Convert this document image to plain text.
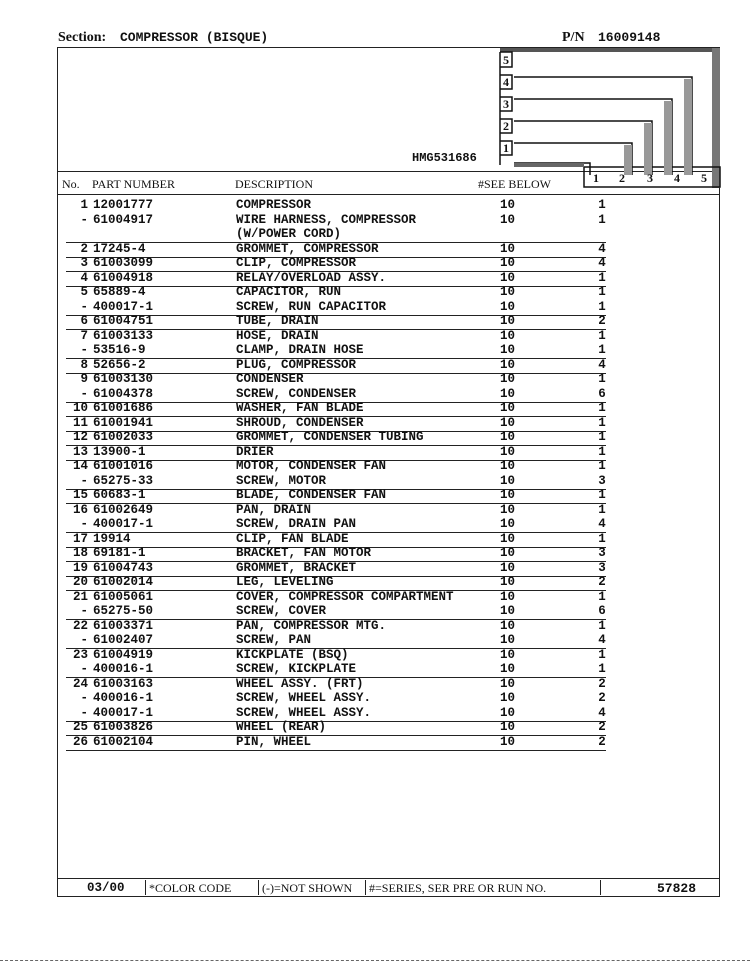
Section: COMPRESSOR (BISQUE)	P/N 16009148
HMG531686
5
4
3
2
1
1 2 3 4 5
No. PART NUMBER	DESCRIPTION	#SEE BELOW
1 12001777	COMPRESSOR	10	1
- 61004917	WIRE HARNESS, COMPRESSOR	10	1
(W/POWER CORD)
2 17245-4	GROMMET, COMPRESSOR	10	4
3 61003099	CLIP, COMPRESSOR	10	4
4 61004918	RELAY/OVERLOAD ASSY.	10	1
5 65889-4	CAPACITOR, RUN	10	1
- 400017-1	SCREW, RUN CAPACITOR	10	1
6 61004751	TUBE, DRAIN	10	2
7 61003133	HOSE, DRAIN	10	1
- 53516-9	CLAMP, DRAIN HOSE	10	1
8 52656-2	PLUG, COMPRESSOR	10	4
9 61003130	CONDENSER	10	1
- 61004378	SCREW, CONDENSER	10	6
10 61001686	WASHER, FAN BLADE	10	1
11 61001941	SHROUD, CONDENSER	10	1
12 61002033	GROMMET, CONDENSER TUBING	10	1
13 13900-1	DRIER	10	1
14 61001016	MOTOR, CONDENSER FAN	10	1
- 65275-33	SCREW, MOTOR	10	3
15 60683-1	BLADE, CONDENSER FAN	10	1
16 61002649	PAN, DRAIN	10	1
- 400017-1	SCREW, DRAIN PAN	10	4
17 19914	CLIP, FAN BLADE	10	1
18 69181-1	BRACKET, FAN MOTOR	10	3
19 61004743	GROMMET, BRACKET	10	3
20 61002014	LEG, LEVELING	10	2
21 61005061	COVER, COMPRESSOR COMPARTMENT	10	1
- 65275-50	SCREW, COVER	10	6
22 61003371	PAN, COMPRESSOR MTG.	10	1
- 61002407	SCREW, PAN	10	4
23 61004919	KICKPLATE (BSQ)	10	1
- 400016-1	SCREW, KICKPLATE	10	1
24 61003163	WHEEL ASSY. (FRT)	10	2
- 400016-1	SCREW, WHEEL ASSY.	10	2
- 400017-1	SCREW, WHEEL ASSY.	10	4
25 61003826	WHEEL (REAR)	10	2
26 61002104	PIN, WHEEL	10	2
03/00 *COLOR CODE	(-)=NOT SHOWN #=SERIES, SER PRE OR RUN NO.	57828
